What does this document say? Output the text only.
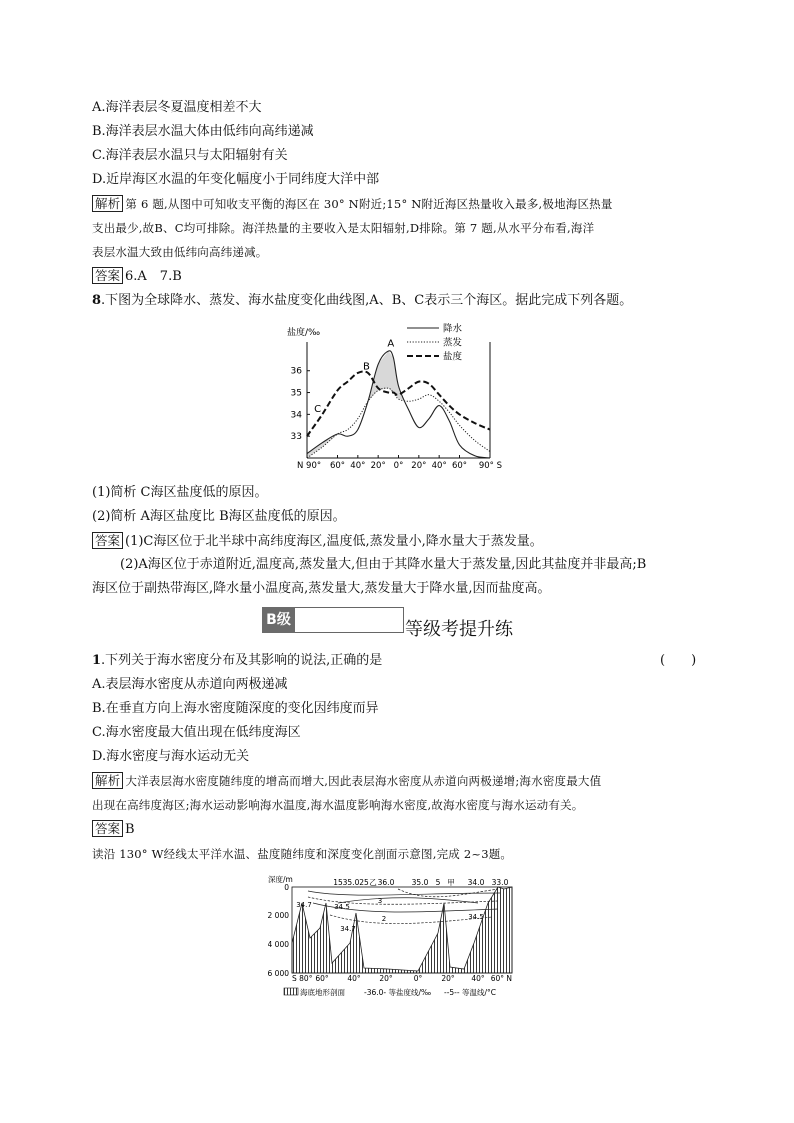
A.海洋表层冬夏温度相差不大
B.海洋表层水温大体由低纬向高纬递减
C.海洋表层水温只与太阳辐射有关
D.近岸海区水温的年变化幅度小于同纬度大洋中部
解析 第 6 题,从图中可知收支平衡的海区在 30° N附近;15° N附近海区热量收入最多,极地海区热量
支出最少,故B、C均可排除。海洋热量的主要收入是太阳辐射,D排除。第 7 题,从水平分布看,海洋
表层水温大致由低纬向高纬递减。
答案 6.A　7.B
8.下图为全球降水、蒸发、海水盐度变化曲线图,A、B、C表示三个海区。据此完成下列各题。
盐度/‰
33
34
35
36
N 90° 60° 40° 20° 0° 20° 40° 60° 90° S
A
B
C
降水
蒸发
盐度
(1)简析 C海区盐度低的原因。
(2)简析 A海区盐度比 B海区盐度低的原因。
答案 (1)C海区位于北半球中高纬度海区,温度低,蒸发量小,降水量大于蒸发量。
(2)A海区位于赤道附近,温度高,蒸发量大,但由于其降水量大于蒸发量,因此其盐度并非最高;B
海区位于副热带海区,降水量小温度高,蒸发量大,蒸发量大于降水量,因而盐度高。
B级	等级考提升练
1.下列关于海水密度分布及其影响的说法,正确的是	(　　)
A.表层海水密度从赤道向两极递减
B.在垂直方向上海水密度随深度的变化因纬度而异
C.海水密度最大值出现在低纬度海区
D.海水密度与海水运动无关
解析 大洋表层海水密度随纬度的增高而增大,因此表层海水密度从赤道向两极递增;海水密度最大值
出现在高纬度海区;海水运动影响海水温度,海水温度影响海水密度,故海水密度与海水运动有关。
答案 B
读沿 130° W经线太平洋水温、盐度随纬度和深度变化剖面示意图,完成 2~3题。
深度/m
0
2 000
4 000
6 000
S 80° 60° 40° 20°	0°	20° 40° 60° N
15 35.0 25 乙 36.0 35.0 5 甲 34.0 33.0
34.7	34.5
3
2
34.7
34.5
海底地形剖面	-36.0- 等盐度线/‰ --5-- 等温线/°C
